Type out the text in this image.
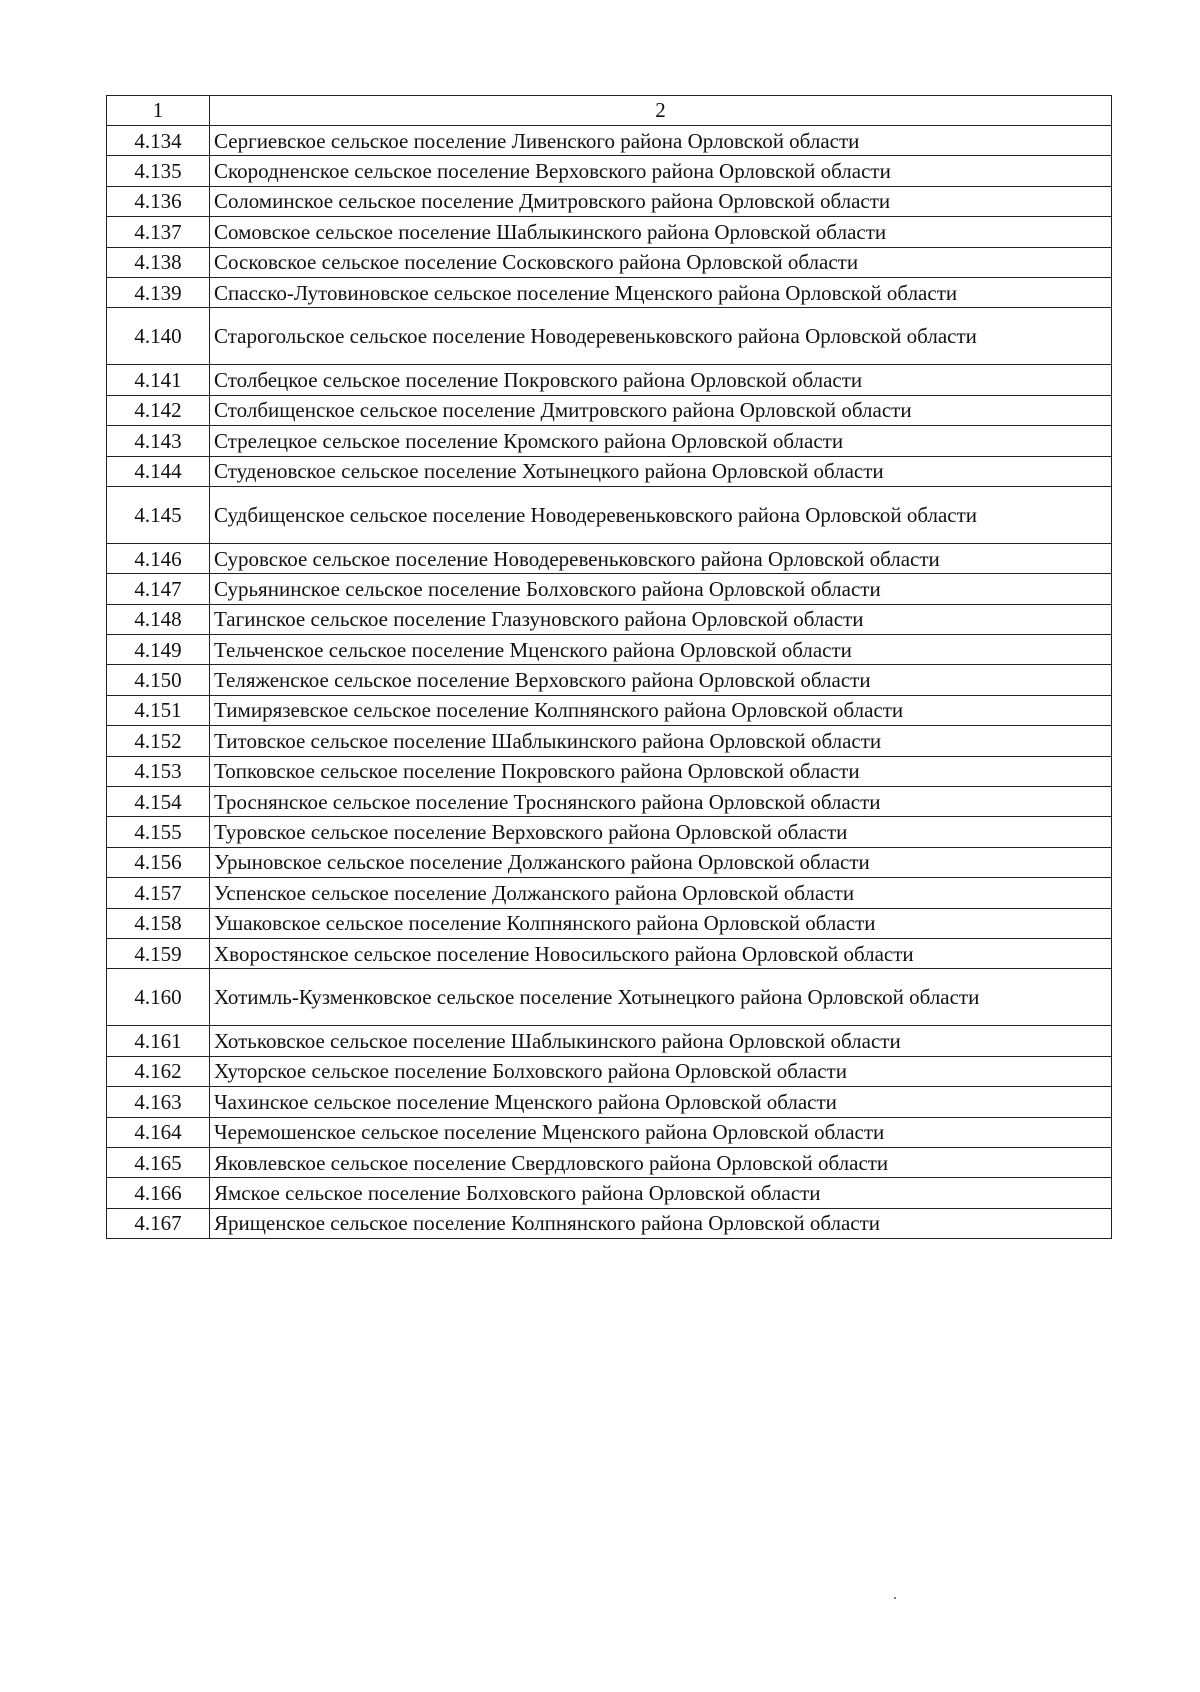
1	2
4.134	Сергиевское сельское поселение Ливенского района Орловской области
4.135	Скородненское сельское поселение Верховского района Орловской области
4.136	Соломинское сельское поселение Дмитровского района Орловской области
4.137	Сомовское сельское поселение Шаблыкинского района Орловской области
4.138	Сосковское сельское поселение Сосковского района Орловской области
4.139	Спасско-Лутовиновское сельское поселение Мценского района Орловской области
4.140	Старогольское сельское поселение Новодеревеньковского района Орловской области
4.141	Столбецкое сельское поселение Покровского района Орловской области
4.142	Столбищенское сельское поселение Дмитровского района Орловской области
4.143	Стрелецкое сельское поселение Кромского района Орловской области
4.144	Студеновское сельское поселение Хотынецкого района Орловской области
4.145	Судбищенское сельское поселение Новодеревеньковского района Орловской области
4.146	Суровское сельское поселение Новодеревеньковского района Орловской области
4.147	Сурьянинское сельское поселение Болховского района Орловской области
4.148	Тагинское сельское поселение Глазуновского района Орловской области
4.149	Тельченское сельское поселение Мценского района Орловской области
4.150	Теляженское сельское поселение Верховского района Орловской области
4.151	Тимирязевское сельское поселение Колпнянского района Орловской области
4.152	Титовское сельское поселение Шаблыкинского района Орловской области
4.153	Топковское сельское поселение Покровского района Орловской области
4.154	Троснянское сельское поселение Троснянского района Орловской области
4.155	Туровское сельское поселение Верховского района Орловской области
4.156	Урыновское сельское поселение Должанского района Орловской области
4.157	Успенское сельское поселение Должанского района Орловской области
4.158	Ушаковское сельское поселение Колпнянского района Орловской области
4.159	Хворостянское сельское поселение Новосильского района Орловской области
4.160	Хотимль-Кузменковское сельское поселение Хотынецкого района Орловской области
4.161	Хотьковское сельское поселение Шаблыкинского района Орловской области
4.162	Хуторское сельское поселение Болховского района Орловской области
4.163	Чахинское сельское поселение Мценского района Орловской области
4.164	Черемошенское сельское поселение Мценского района Орловской области
4.165	Яковлевское сельское поселение Свердловского района Орловской области
4.166	Ямское сельское поселение Болховского района Орловской области
4.167	Ярищенское сельское поселение Колпнянского района Орловской области
